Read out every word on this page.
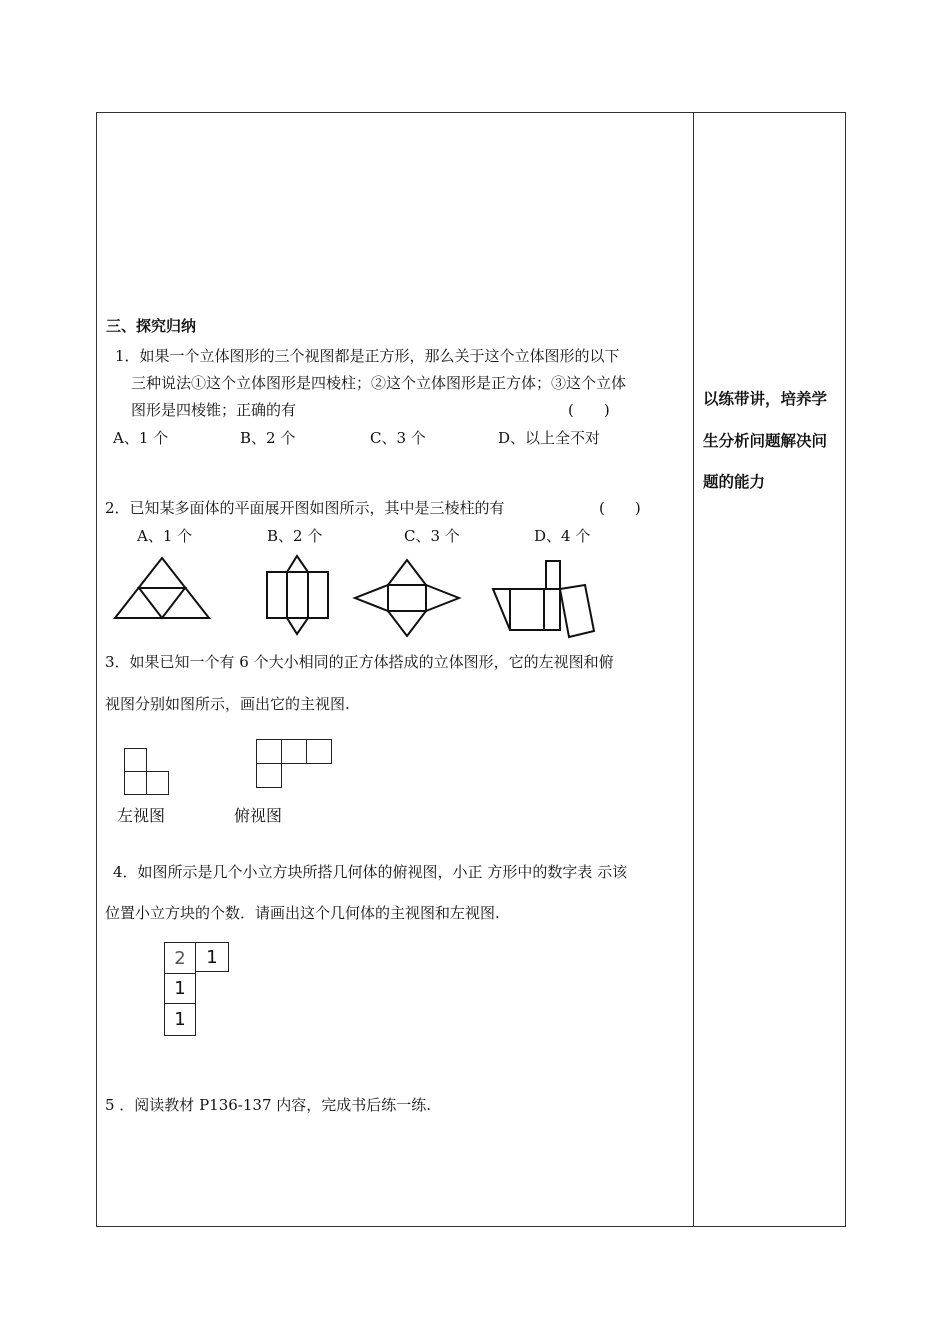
三、探究归纳
1．如果一个立体图形的三个视图都是正方形，那么关于这个立体图形的以下
三种说法①这个立体图形是四棱柱；②这个立体图形是正方体；③这个立体
图形是四棱锥；正确的有	(　　)
A、1 个	B、2 个	C、3 个	D、以上全不对
2．已知某多面体的平面展开图如图所示，其中是三棱柱的有	(　　)
A、1 个	B、2 个	C、3 个	D、4 个
3．如果已知一个有 6 个大小相同的正方体搭成的立体图形，它的左视图和俯
视图分别如图所示，画出它的主视图.
左视图	俯视图
4．如图所示是几个小立方块所搭几何体的俯视图，小正 方形中的数字表 示该
位置小立方块的个数．请画出这个几何体的主视图和左视图.
2	1
1
1
5 ．阅读教材 P136-137 内容，完成书后练一练.
以练带讲，培养学
生分析问题解决问
题的能力
